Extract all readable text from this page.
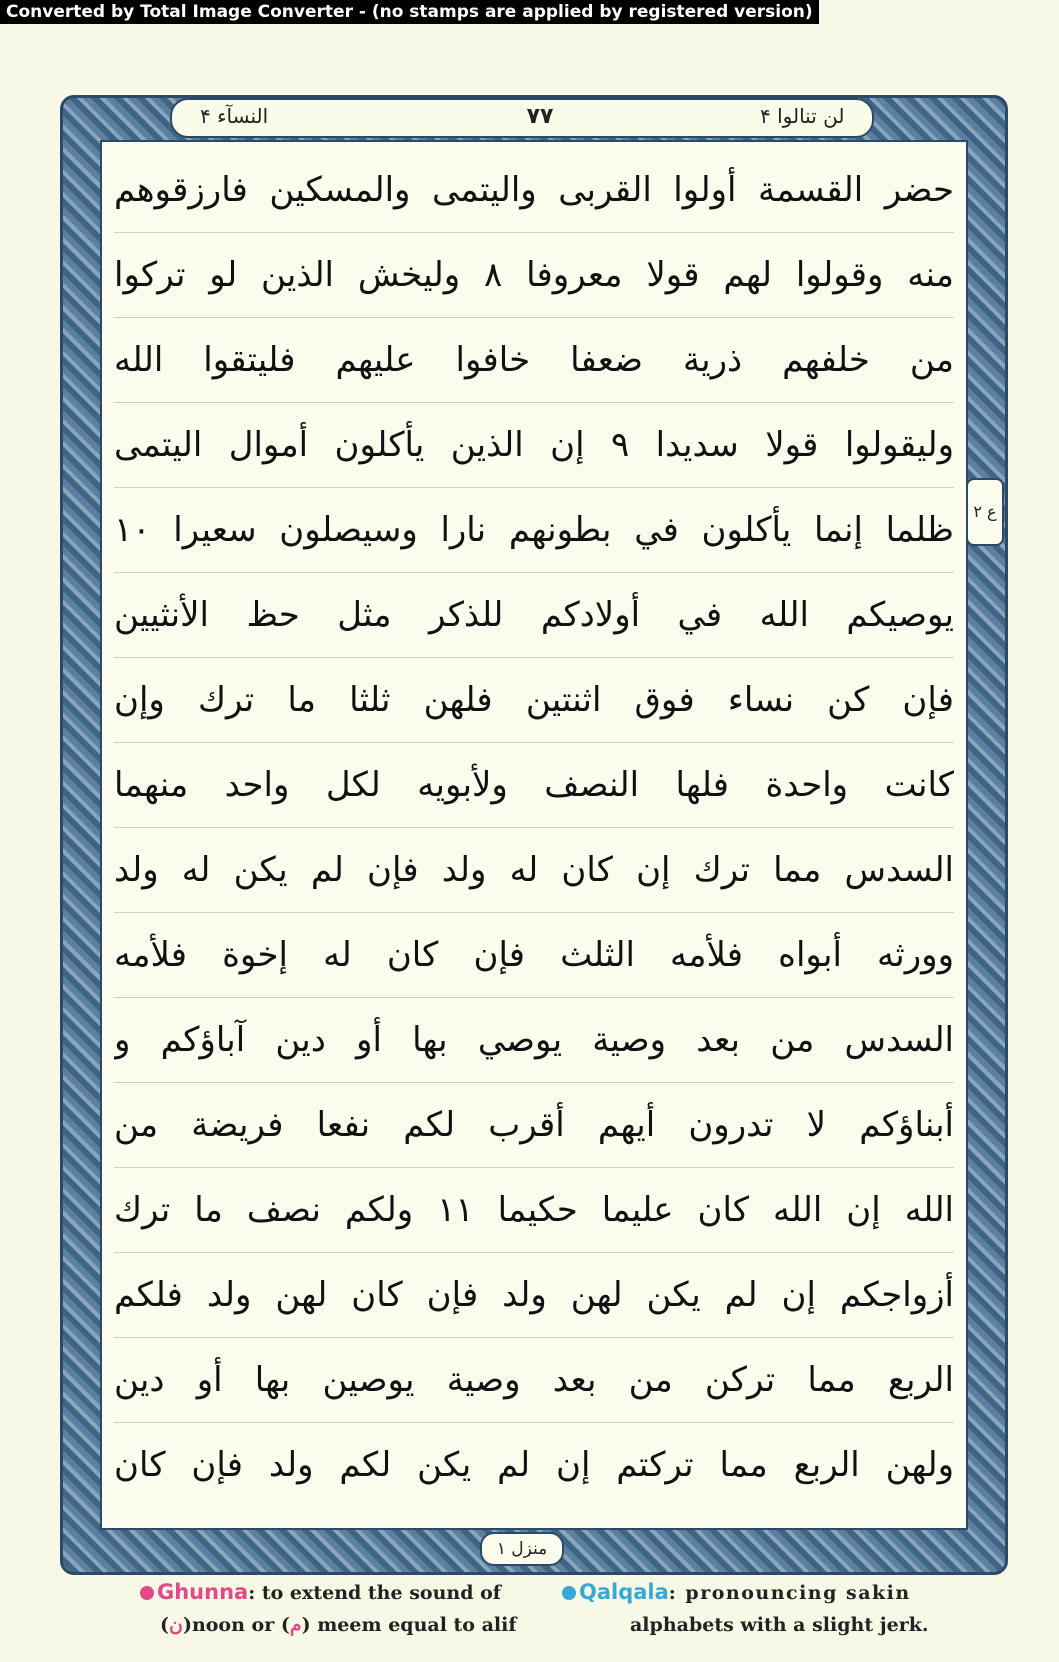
Converted by Total Image Converter - (no stamps are applied by registered version)
النسآء ۴	۷۷	لن تنالوا ۴
حضر القسمة أولوا القربى واليتمى والمسكين فارزقوهم
منه وقولوا لهم قولا معروفا ۸ وليخش الذين لو تركوا
من خلفهم ذرية ضعفا خافوا عليهم فليتقوا الله
وليقولوا قولا سديدا ۹ إن الذين يأكلون أموال اليتمى
ظلما إنما يأكلون في بطونهم نارا وسيصلون سعيرا ۱۰
يوصيكم الله في أولادكم للذكر مثل حظ الأنثيين
فإن كن نساء فوق اثنتين فلهن ثلثا ما ترك وإن
كانت واحدة فلها النصف ولأبويه لكل واحد منهما
السدس مما ترك إن كان له ولد فإن لم يكن له ولد
وورثه أبواه فلأمه الثلث فإن كان له إخوة فلأمه
السدس من بعد وصية يوصي بها أو دين آباؤكم و
أبناؤكم لا تدرون أيهم أقرب لكم نفعا فريضة من
الله إن الله كان عليما حكيما ۱۱ ولكم نصف ما ترك
أزواجكم إن لم يكن لهن ولد فإن كان لهن ولد فلكم
الربع مما تركن من بعد وصية يوصين بها أو دين
ولهن الربع مما تركتم إن لم يكن لكم ولد فإن كان
ع ۲
منزل ۱
Ghunna: to extend the sound of
(ن)noon or (م) meem equal to alif
Qalqala: pronouncing sakin
alphabets with a slight jerk.
